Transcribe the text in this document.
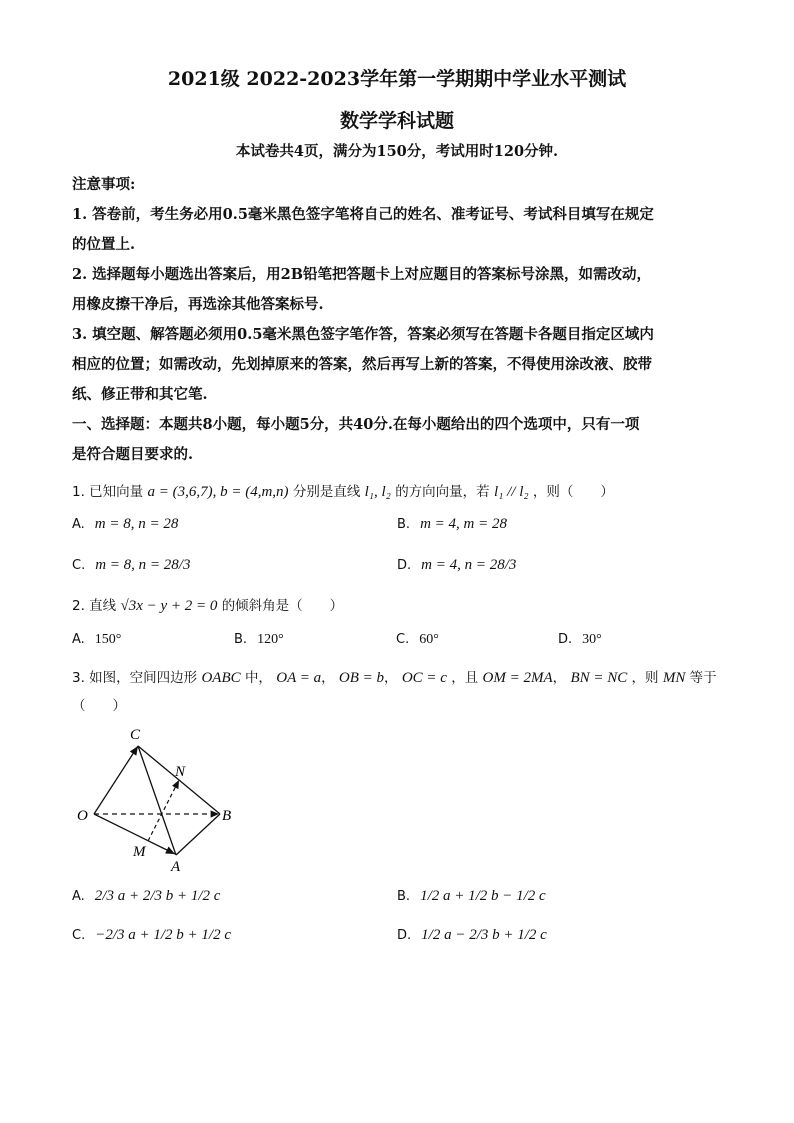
2021级 2022-2023学年第一学期期中学业水平测试
数学学科试题
本试卷共4页，满分为150分，考试用时120分钟.
注意事项:
1. 答卷前，考生务必用0.5毫米黑色签字笔将自己的姓名、准考证号、考试科目填写在规定
的位置上.
2. 选择题每小题选出答案后，用2B铅笔把答题卡上对应题目的答案标号涂黑，如需改动，
用橡皮擦干净后，再选涂其他答案标号.
3. 填空题、解答题必须用0.5毫米黑色签字笔作答，答案必须写在答题卡各题目指定区域内
相应的位置；如需改动，先划掉原来的答案，然后再写上新的答案，不得使用涂改液、胶带
纸、修正带和其它笔.
一、选择题：本题共8小题，每小题5分，共40分.在每小题给出的四个选项中，只有一项
是符合题目要求的.
1. 已知向量 a = (3,6,7), b = (4,m,n) 分别是直线 l₁, l₂ 的方向向量，若 l₁ // l₂ ，则（　　）
A. m = 8, n = 28	B. m = 4, m = 28
C. m = 8, n = 28/3	D. m = 4, n = 28/3
2. 直线 √3x − y + 2 = 0 的倾斜角是（　　）
A. 150°	B. 120°	C. 60°	D. 30°
3. 如图，空间四边形 OABC 中， OA = a， OB = b， OC = c ，且 OM = 2MA， BN = NC ，则 MN 等于
（　　）
C
N
O	B
M
A
A. 2/3 a + 2/3 b + 1/2 c	B. 1/2 a + 1/2 b − 1/2 c
C. −2/3 a + 1/2 b + 1/2 c	D. 1/2 a − 2/3 b + 1/2 c
